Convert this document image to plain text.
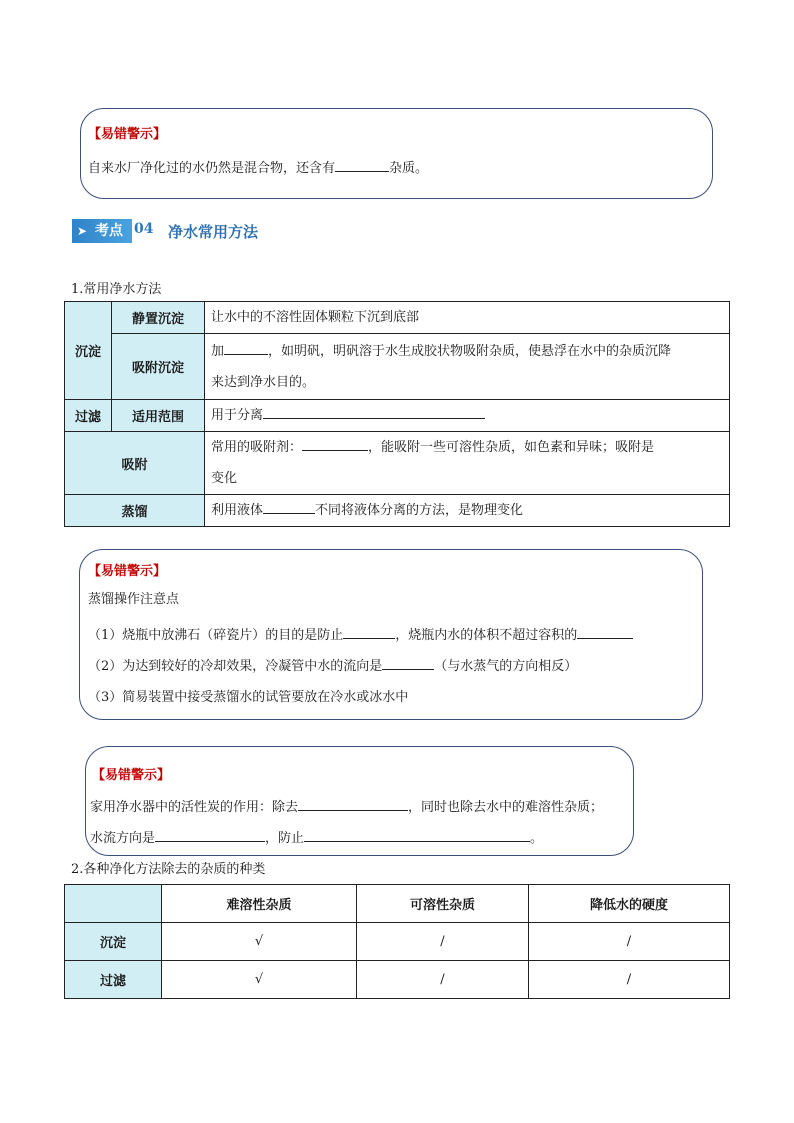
【易错警示】
自来水厂净化过的水仍然是混合物，还含有	杂质。
➤ 考点 04 净水常用方法
1.常用净水方法
沉淀	静置沉淀	让水中的不溶性固体颗粒下沉到底部
	吸附沉淀	加 ，如明矾，明矾溶于水生成胶状物吸附杂质，使悬浮在水中的杂质沉降
来达到净水目的。
过滤	适用范围	用于分离
吸附		常用的吸附剂： ，能吸附一些可溶性杂质，如色素和异味；吸附是
变化
蒸馏		利用液体 不同将液体分离的方法，是物理变化
【易错警示】
蒸馏操作注意点
（1）烧瓶中放沸石（碎瓷片）的目的是防止	，烧瓶内水的体积不超过容积的
（2）为达到较好的冷却效果，冷凝管中水的流向是	（与水蒸气的方向相反）
（3）简易装置中接受蒸馏水的试管要放在冷水或冰水中
【易错警示】
家用净水器中的活性炭的作用：除去	，同时也除去水中的难溶性杂质；
水流方向是	，防止	。
2.各种净化方法除去的杂质的种类
	难溶性杂质	可溶性杂质	降低水的硬度
沉淀	√	/	/
过滤	√	/	/
